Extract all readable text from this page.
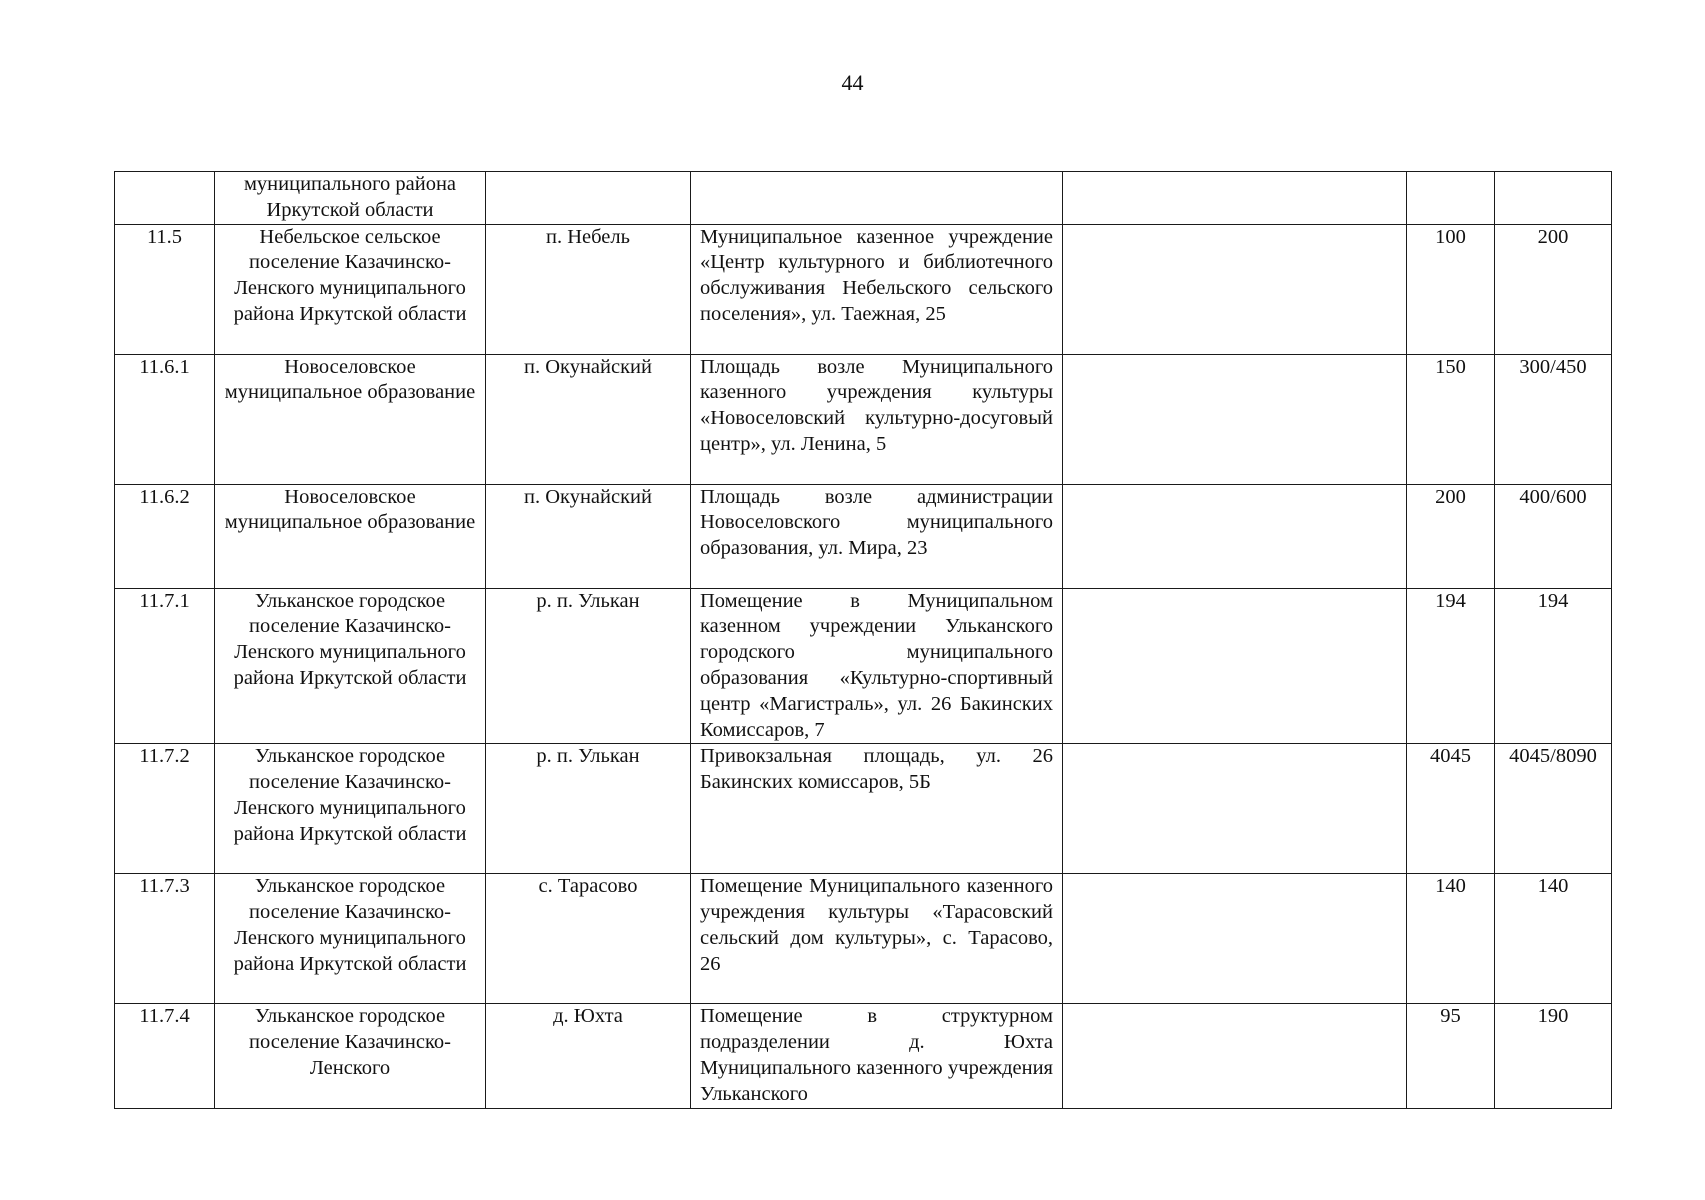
44

	муниципального района Иркутской области					

11.5	Небельское сельское поселение Казачинско-Ленского муниципального района Иркутской области	п. Небель	Муниципальное казенное учреждение «Центр культурного и библиотечного обслуживания Небельского сельского поселения», ул. Таежная, 25		100	200

11.6.1	Новоселовское муниципальное образование	п. Окунайский	Площадь возле Муниципального казенного учреждения культуры «Новоселовский культурно-досуговый центр», ул. Ленина, 5		150	300/450

11.6.2	Новоселовское муниципальное образование	п. Окунайский	Площадь возле администрации Новоселовского муниципального образования, ул. Мира, 23		200	400/600

11.7.1	Ульканское городское поселение Казачинско-Ленского муниципального района Иркутской области	р. п. Улькан	Помещение в Муниципальном казенном учреждении Ульканского городского муниципального образования «Культурно-спортивный центр «Магистраль», ул. 26 Бакинских Комиссаров, 7		194	194

11.7.2	Ульканское городское поселение Казачинско-Ленского муниципального района Иркутской области	р. п. Улькан	Привокзальная площадь, ул. 26 Бакинских комиссаров, 5Б		4045	4045/8090

11.7.3	Ульканское городское поселение Казачинско-Ленского муниципального района Иркутской области	с. Тарасово	Помещение Муниципального казенного учреждения культуры «Тарасовский сельский дом культуры», с. Тарасово, 26		140	140

11.7.4	Ульканское городское поселение Казачинско-Ленского	д. Юхта	Помещение в структурном подразделении д. Юхта Муниципального казенного учреждения Ульканского		95	190
